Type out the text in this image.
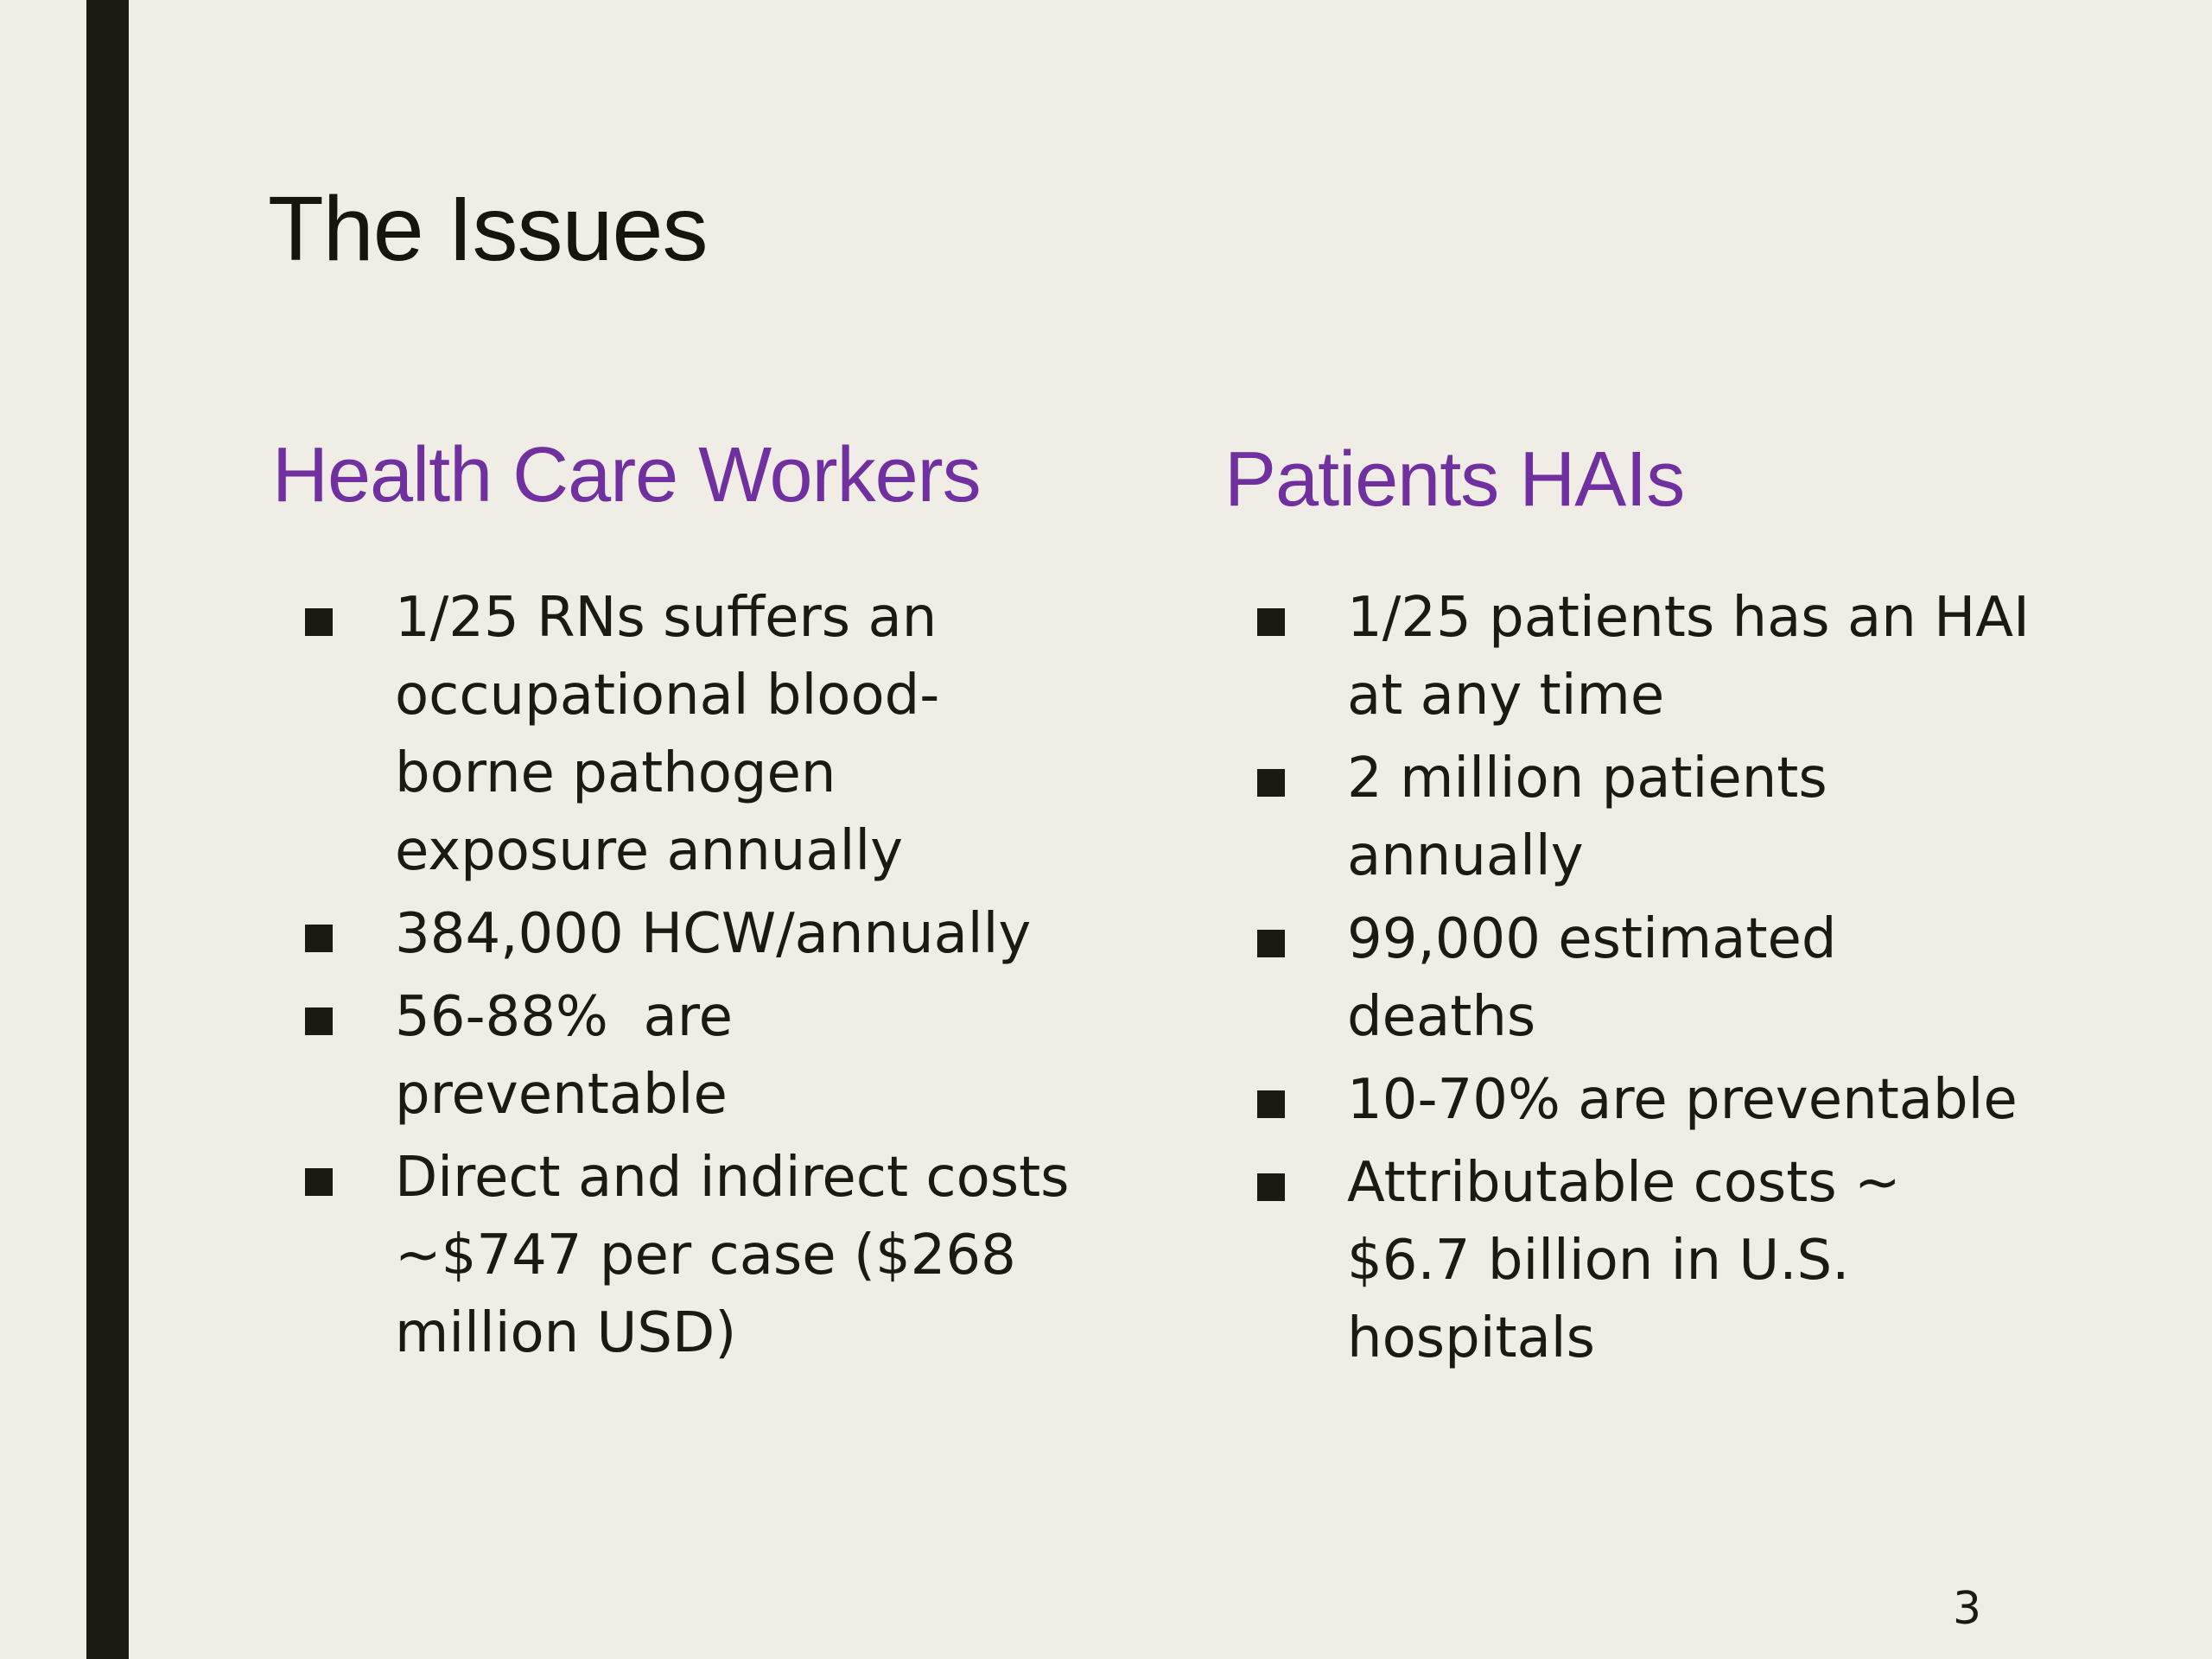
The Issues
Health Care Workers
1/25 RNs suffers an occupational blood-borne pathogen exposure annually
384,000 HCW/annually
56-88%  are preventable
Direct and indirect costs ~$747 per case ($268 million USD)
Patients HAIs
1/25 patients has an HAI at any time
2 million patients annually
99,000 estimated deaths
10-70% are preventable
Attributable costs ~ $6.7 billion in U.S. hospitals
3
